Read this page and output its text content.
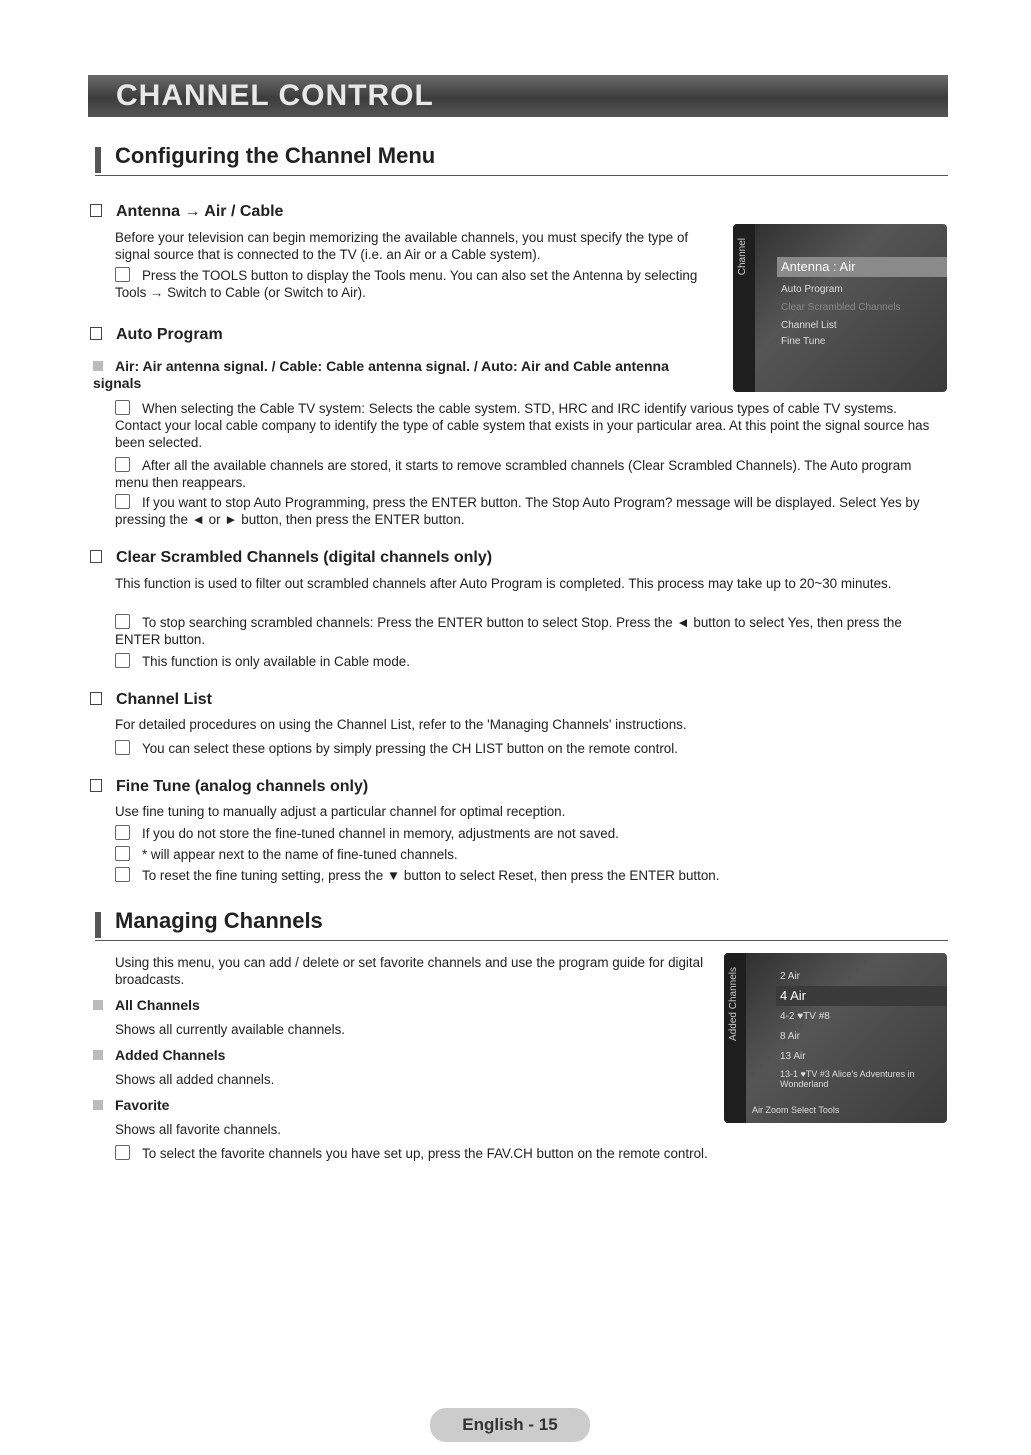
CHANNEL CONTROL
Configuring the Channel Menu
Antenna → Air / Cable
Before your television can begin memorizing the available channels, you must specify the type of signal source that is connected to the TV (i.e. an Air or a Cable system).
Press the TOOLS button to display the Tools menu. You can also set the Antenna by selecting Tools → Switch to Cable (or Switch to Air).
Auto Program
Air: Air antenna signal. / Cable: Cable antenna signal. / Auto: Air and Cable antenna signals
When selecting the Cable TV system: Selects the cable system. STD, HRC and IRC identify various types of cable TV systems. Contact your local cable company to identify the type of cable system that exists in your particular area. At this point the signal source has been selected.
After all the available channels are stored, it starts to remove scrambled channels (Clear Scrambled Channels). The Auto program menu then reappears.
If you want to stop Auto Programming, press the ENTER button. The Stop Auto Program? message will be displayed. Select Yes by pressing the ◄ or ► button, then press the ENTER button.
Clear Scrambled Channels (digital channels only)
This function is used to filter out scrambled channels after Auto Program is completed. This process may take up to 20~30 minutes.
To stop searching scrambled channels: Press the ENTER button to select Stop. Press the ◄ button to select Yes, then press the ENTER button.
This function is only available in Cable mode.
Channel List
For detailed procedures on using the Channel List, refer to the 'Managing Channels' instructions.
You can select these options by simply pressing the CH LIST button on the remote control.
Fine Tune (analog channels only)
Use fine tuning to manually adjust a particular channel for optimal reception.
If you do not store the fine-tuned channel in memory, adjustments are not saved.
* will appear next to the name of fine-tuned channels.
To reset the fine tuning setting, press the ▼ button to select Reset, then press the ENTER button.
Managing Channels
Using this menu, you can add / delete or set favorite channels and use the program guide for digital broadcasts.
All Channels
Shows all currently available channels.
Added Channels
Shows all added channels.
Favorite
Shows all favorite channels.
To select the favorite channels you have set up, press the FAV.CH button on the remote control.
Channel	Antenna : Air
Auto Program
Clear Scrambled Channels
Channel List
Fine Tune
Added Channels	2 Air
4 Air
4-2 ♥TV #8
8 Air
13 Air
13-1 ♥TV #3 Alice's Adventures in Wonderland
Air Zoom Select Tools
English - 15
